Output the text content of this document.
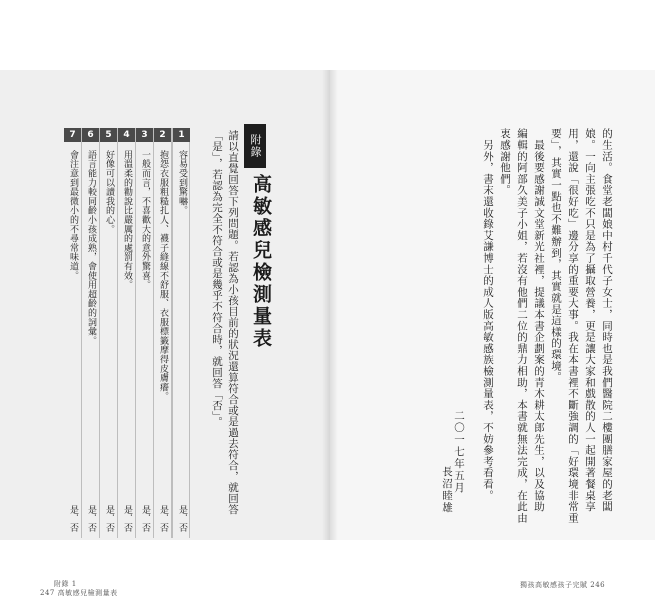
附錄
高敏感兒檢測量表
請以直覺回答下列問題。若認為小孩目前的狀況還算符合或是過去符合，就回答
「是」，若認為完全不符合或是幾乎不符合時，就回答「否」。
1
容易受到驚嚇。
是．否
2
抱怨衣服粗糙扎人、襪子縫線不舒服、衣服標籤摩得皮膚癢。
是．否
3
一般而言，不喜歡大的意外驚喜。
是．否
4
用溫柔的勸說比嚴厲的處罰有效。
是．否
5
好像可以讀我的心。
是．否
6
語言能力較同齡小孩成熟，會使用超齡的詞彙。
是．否
7
會注意到最微小的不尋常味道。
是．否
附錄 1
247 高敏感兒檢測量表
的生活。食堂老闆娘中村千代子女士，同時也是我們醫院二樓團膳家屋的老闆
娘。一向主張吃不只是為了攝取營養，更是讓大家和戲散的人一起開著餐桌享
用，還說「很好吃」邊分享的重要大事。我在本書裡不斷強調的「好環境非常重
要」，其實一點也不難辦到，其實就是這樣的環境。
　最後要感謝誠文堂新光社裡，提議本書企劃案的青木耕太郎先生，以及協助
編輯的阿部久美子小姐，若沒有他們二位的鼎力相助，本書就無法完成，在此由
衷感謝他們。
　另外，書末還收錄艾謙博士的成人版高敏感族檢測量表，不妨參考看看。
二〇一七年五月
長沼睦雄
獨孩高敏感孩子完賦 246
